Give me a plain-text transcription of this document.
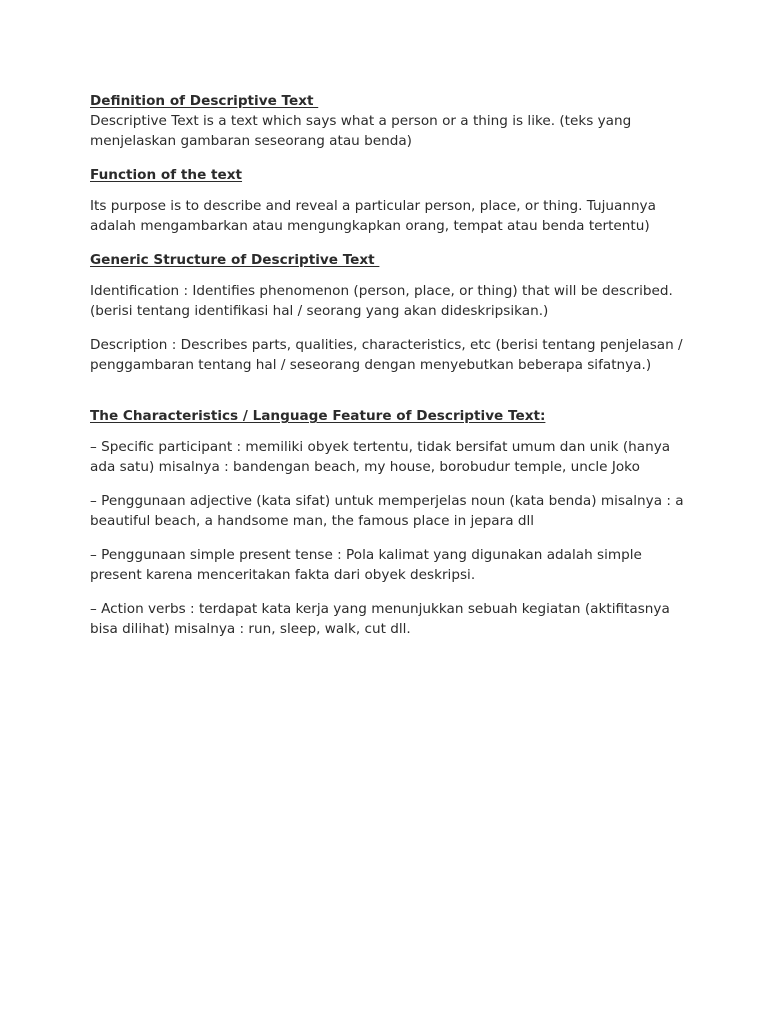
Definition of Descriptive Text

Descriptive Text is a text which says what a person or a thing is like. (teks yang menjelaskan gambaran seseorang atau benda)

Function of the text

Its purpose is to describe and reveal a particular person, place, or thing. Tujuannya adalah mengambarkan atau mengungkapkan orang, tempat atau benda tertentu)

Generic Structure of Descriptive Text

Identification : Identifies phenomenon (person, place, or thing) that will be described. (berisi tentang identifikasi hal / seorang yang akan dideskripsikan.)

Description : Describes parts, qualities, characteristics, etc (berisi tentang penjelasan / penggambaran tentang hal / seseorang dengan menyebutkan beberapa sifatnya.)

The Characteristics / Language Feature of Descriptive Text:

– Specific participant : memiliki obyek tertentu, tidak bersifat umum dan unik (hanya ada satu) misalnya : bandengan beach, my house, borobudur temple, uncle Joko

– Penggunaan adjective (kata sifat) untuk memperjelas noun (kata benda) misalnya : a beautiful beach, a handsome man, the famous place in jepara dll

– Penggunaan simple present tense : Pola kalimat yang digunakan adalah simple present karena menceritakan fakta dari obyek deskripsi.

– Action verbs : terdapat kata kerja yang menunjukkan sebuah kegiatan (aktifitasnya bisa dilihat) misalnya : run, sleep, walk, cut dll.
